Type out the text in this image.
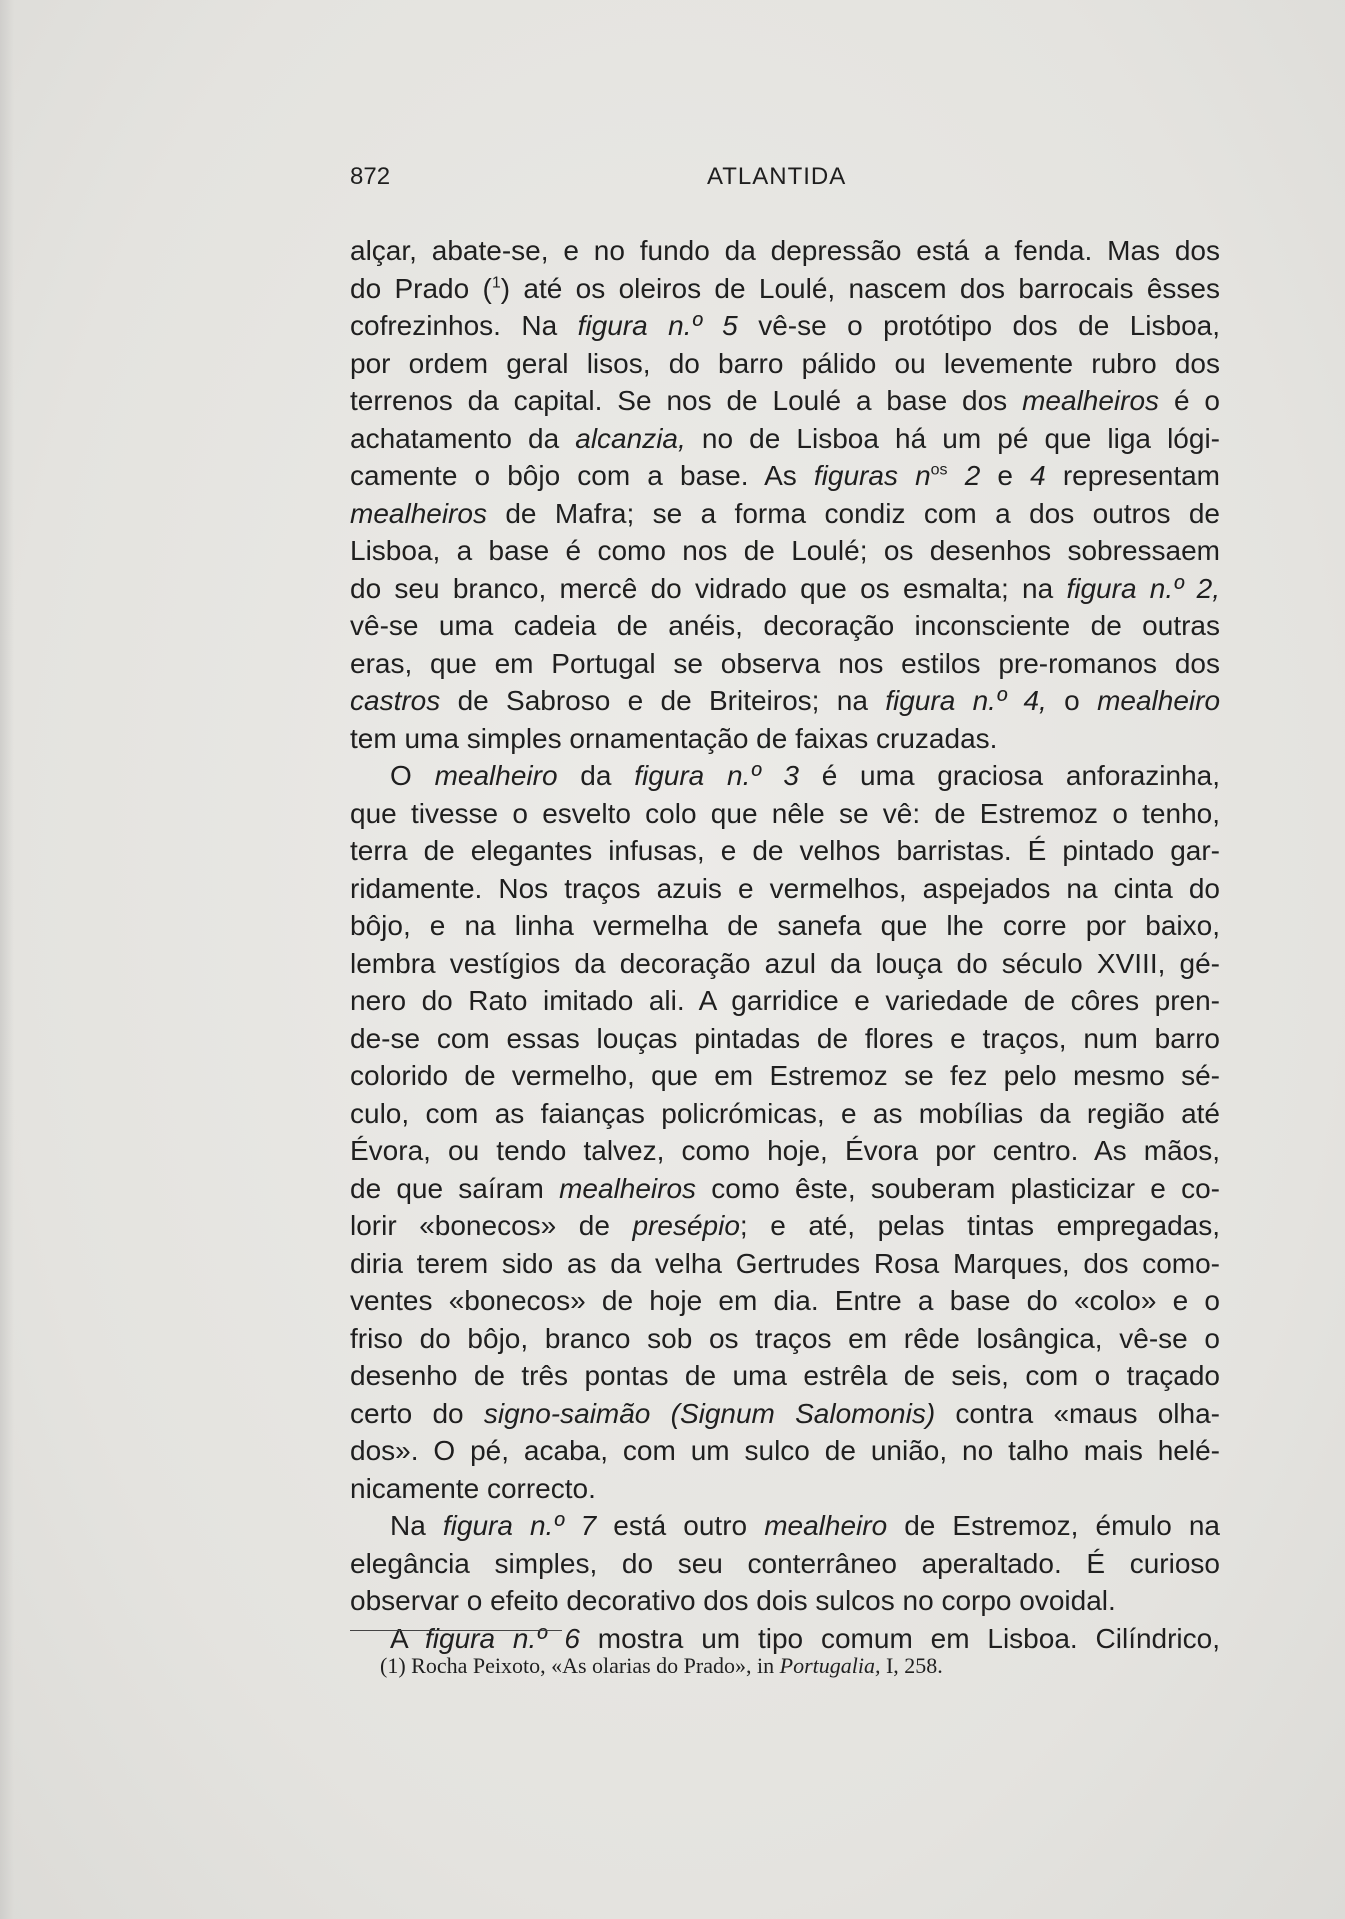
872	ATLANTIDA
alçar, abate-se, e no fundo da depressão está a fenda. Mas dos
do Prado ($^1$) até os oleiros de Loulé, nascem dos barrocais êsses
cofrezinhos. Na figura n.º 5 vê-se o protótipo dos de Lisboa,
por ordem geral lisos, do barro pálido ou levemente rubro dos
terrenos da capital. Se nos de Loulé a base dos mealheiros é o
achatamento da alcanzia, no de Lisboa há um pé que liga lógi-
camente o bôjo com a base. As figuras $n^{os}$ 2 e 4 representam
mealheiros de Mafra; se a forma condiz com a dos outros de
Lisboa, a base é como nos de Loulé; os desenhos sobressaem
do seu branco, mercê do vidrado que os esmalta; na figura n.º 2,
vê-se uma cadeia de anéis, decoração inconsciente de outras
eras, que em Portugal se observa nos estilos pre-romanos dos
castros de Sabroso e de Briteiros; na figura n.º 4, o mealheiro
tem uma simples ornamentação de faixas cruzadas.
O mealheiro da figura n.º 3 é uma graciosa anforazinha,
que tivesse o esvelto colo que nêle se vê: de Estremoz o tenho,
terra de elegantes infusas, e de velhos barristas. É pintado gar-
ridamente. Nos traços azuis e vermelhos, aspejados na cinta do
bôjo, e na linha vermelha de sanefa que lhe corre por baixo,
lembra vestígios da decoração azul da louça do século XVIII, gé-
nero do Rato imitado ali. A garridice e variedade de côres pren-
de-se com essas louças pintadas de flores e traços, num barro
colorido de vermelho, que em Estremoz se fez pelo mesmo sé-
culo, com as faianças policrómicas, e as mobílias da região até
Évora, ou tendo talvez, como hoje, Évora por centro. As mãos,
de que saíram mealheiros como êste, souberam plasticizar e co-
lorir «bonecos» de presépio; e até, pelas tintas empregadas,
diria terem sido as da velha Gertrudes Rosa Marques, dos como-
ventes «bonecos» de hoje em dia. Entre a base do «colo» e o
friso do bôjo, branco sob os traços em rêde losângica, vê-se o
desenho de três pontas de uma estrêla de seis, com o traçado
certo do signo-saimão (Signum Salomonis) contra «maus olha-
dos». O pé, acaba, com um sulco de união, no talho mais helé-
nicamente correcto.
Na figura n.º 7 está outro mealheiro de Estremoz, émulo na
elegância simples, do seu conterrâneo aperaltado. É curioso
observar o efeito decorativo dos dois sulcos no corpo ovoidal.
A figura n.º 6 mostra um tipo comum em Lisboa. Cilíndrico,
(1) Rocha Peixoto, «As olarias do Prado», in Portugalia, I, 258.
